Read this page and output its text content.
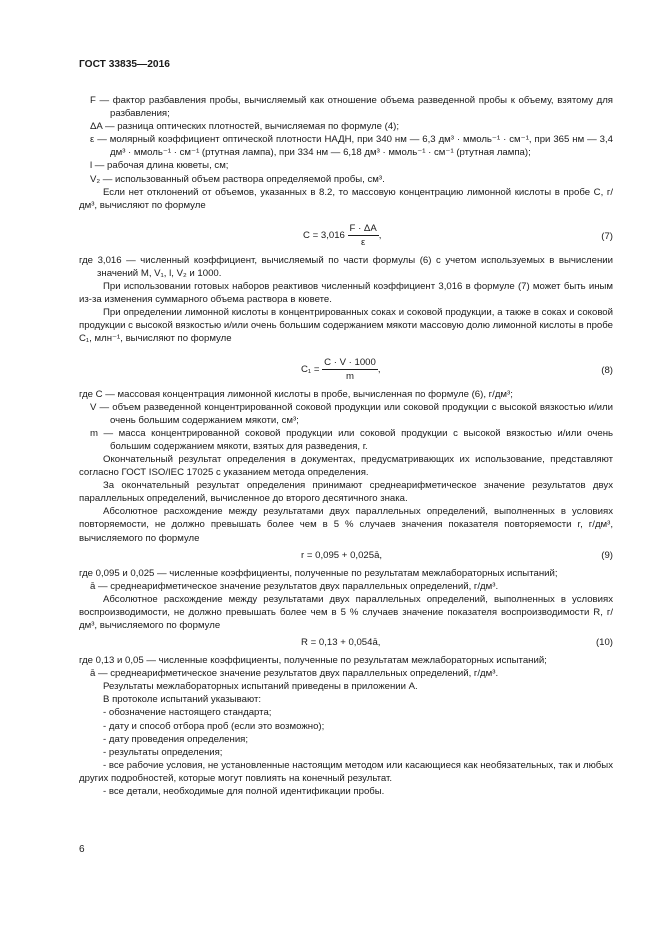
ГОСТ 33835—2016

F — фактор разбавления пробы, вычисляемый как отношение объема разведенной пробы к объему, взятому для разбавления;

ΔA — разница оптических плотностей, вычисляемая по формуле (4);

ε — молярный коэффициент оптической плотности НАДН, при 340 нм — 6,3 дм³ · ммоль⁻¹ · см⁻¹, при 365 нм — 3,4 дм³ · ммоль⁻¹ · см⁻¹ (ртутная лампа), при 334 нм — 6,18 дм³ · ммоль⁻¹ · см⁻¹ (ртутная лампа);

l — рабочая длина кюветы, см;

V₂ — использованный объем раствора определяемой пробы, см³.

Если нет отклонений от объемов, указанных в 8.2, то массовую концентрацию лимонной кислоты в пробе C, г/дм³, вычисляют по формуле

$C = 3,016 \frac{F \cdot \Delta A}{\varepsilon}$ ,	(7)

где 3,016 — численный коэффициент, вычисляемый по части формулы (6) с учетом используемых в вычислении значений M, V₁, l, V₂ и 1000.

При использовании готовых наборов реактивов численный коэффициент 3,016 в формуле (7) может быть иным из-за изменения суммарного объема раствора в кювете.

При определении лимонной кислоты в концентрированных соках и соковой продукции, а также в соках и соковой продукции с высокой вязкостью и/или очень большим содержанием мякоти массовую долю лимонной кислоты в пробе C₁, млн⁻¹, вычисляют по формуле

$C_1 = \frac{C \cdot V \cdot 1000}{m}$ ,	(8)

где C — массовая концентрация лимонной кислоты в пробе, вычисленная по формуле (6), г/дм³;

V — объем разведенной концентрированной соковой продукции или соковой продукции с высокой вязкостью и/или очень большим содержанием мякоти, см³;

m — масса концентрированной соковой продукции или соковой продукции с высокой вязкостью и/или очень большим содержанием мякоти, взятых для разведения, г.

Окончательный результат определения в документах, предусматривающих их использование, представляют согласно ГОСТ ISO/IEC 17025 с указанием метода определения.

За окончательный результат определения принимают среднеарифметическое значение результатов двух параллельных определений, вычисленное до второго десятичного знака.

Абсолютное расхождение между результатами двух параллельных определений, выполненных в условиях повторяемости, не должно превышать более чем в 5 % случаев значения показателя повторяемости r, г/дм³, вычисляемого по формуле

r = 0,095 + 0,025ā,	(9)

где 0,095 и 0,025 — численные коэффициенты, полученные по результатам межлабораторных испытаний;

ā — среднеарифметическое значение результатов двух параллельных определений, г/дм³.

Абсолютное расхождение между результатами двух параллельных определений, выполненных в условиях воспроизводимости, не должно превышать более чем в 5 % случаев значение показателя воспроизводимости R, г/дм³, вычисляемого по формуле

R = 0,13 + 0,054ā,	(10)

где 0,13 и 0,05 — численные коэффициенты, полученные по результатам межлабораторных испытаний;

ā — среднеарифметическое значение результатов двух параллельных определений, г/дм³.

Результаты межлабораторных испытаний приведены в приложении А.

В протоколе испытаний указывают:

- обозначение настоящего стандарта;

- дату и способ отбора проб (если это возможно);

- дату проведения определения;

- результаты определения;

- все рабочие условия, не установленные настоящим методом или касающиеся как необязательных, так и любых других подробностей, которые могут повлиять на конечный результат.

- все детали, необходимые для полной идентификации пробы.

6
